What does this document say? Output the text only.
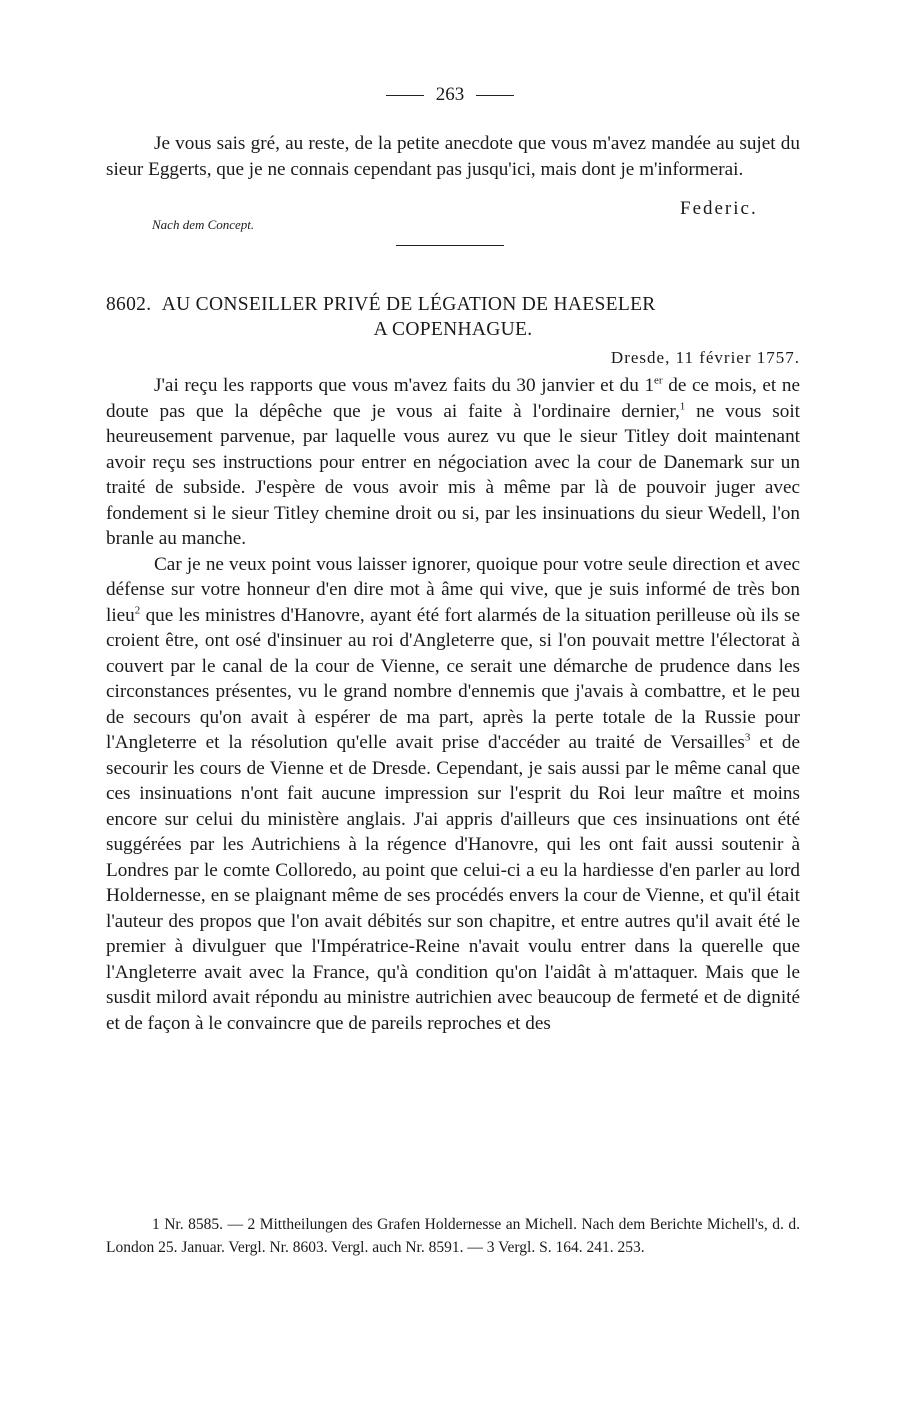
263
Je vous sais gré, au reste, de la petite anecdote que vous m'avez mandée au sujet du sieur Eggerts, que je ne connais cependant pas jusqu'ici, mais dont je m'informerai.
Federic.
Nach dem Concept.
8602. AU CONSEILLER PRIVÉ DE LÉGATION DE HAESELER
A COPENHAGUE.
Dresde, 11 février 1757.
J'ai reçu les rapports que vous m'avez faits du 30 janvier et du 1er de ce mois, et ne doute pas que la dépêche que je vous ai faite à l'ordinaire dernier,$^1$ ne vous soit heureusement parvenue, par laquelle vous aurez vu que le sieur Titley doit maintenant avoir reçu ses instructions pour entrer en négociation avec la cour de Danemark sur un traité de subside. J'espère de vous avoir mis à même par là de pouvoir juger avec fondement si le sieur Titley chemine droit ou si, par les insinuations du sieur Wedell, l'on branle au manche.
Car je ne veux point vous laisser ignorer, quoique pour votre seule direction et avec défense sur votre honneur d'en dire mot à âme qui vive, que je suis informé de très bon lieu$^2$ que les ministres d'Hanovre, ayant été fort alarmés de la situation perilleuse où ils se croient être, ont osé d'insinuer au roi d'Angleterre que, si l'on pouvait mettre l'électorat à couvert par le canal de la cour de Vienne, ce serait une démarche de prudence dans les circonstances présentes, vu le grand nombre d'ennemis que j'avais à combattre, et le peu de secours qu'on avait à espérer de ma part, après la perte totale de la Russie pour l'Angleterre et la résolution qu'elle avait prise d'accéder au traité de Versailles$^3$ et de secourir les cours de Vienne et de Dresde. Cependant, je sais aussi par le même canal que ces insinuations n'ont fait aucune impression sur l'esprit du Roi leur maître et moins encore sur celui du ministère anglais. J'ai appris d'ailleurs que ces insinuations ont été suggérées par les Autrichiens à la régence d'Hanovre, qui les ont fait aussi soutenir à Londres par le comte Colloredo, au point que celui-ci a eu la hardiesse d'en parler au lord Holdernesse, en se plaignant même de ses procédés envers la cour de Vienne, et qu'il était l'auteur des propos que l'on avait débités sur son chapitre, et entre autres qu'il avait été le premier à divulguer que l'Impératrice-Reine n'avait voulu entrer dans la querelle que l'Angleterre avait avec la France, qu'à condition qu'on l'aidât à m'attaquer. Mais que le susdit milord avait répondu au ministre autrichien avec beaucoup de fermeté et de dignité et de façon à le convaincre que de pareils reproches et des
1 Nr. 8585. — 2 Mittheilungen des Grafen Holdernesse an Michell. Nach dem Berichte Michell's, d. d. London 25. Januar. Vergl. Nr. 8603. Vergl. auch Nr. 8591. — 3 Vergl. S. 164. 241. 253.
